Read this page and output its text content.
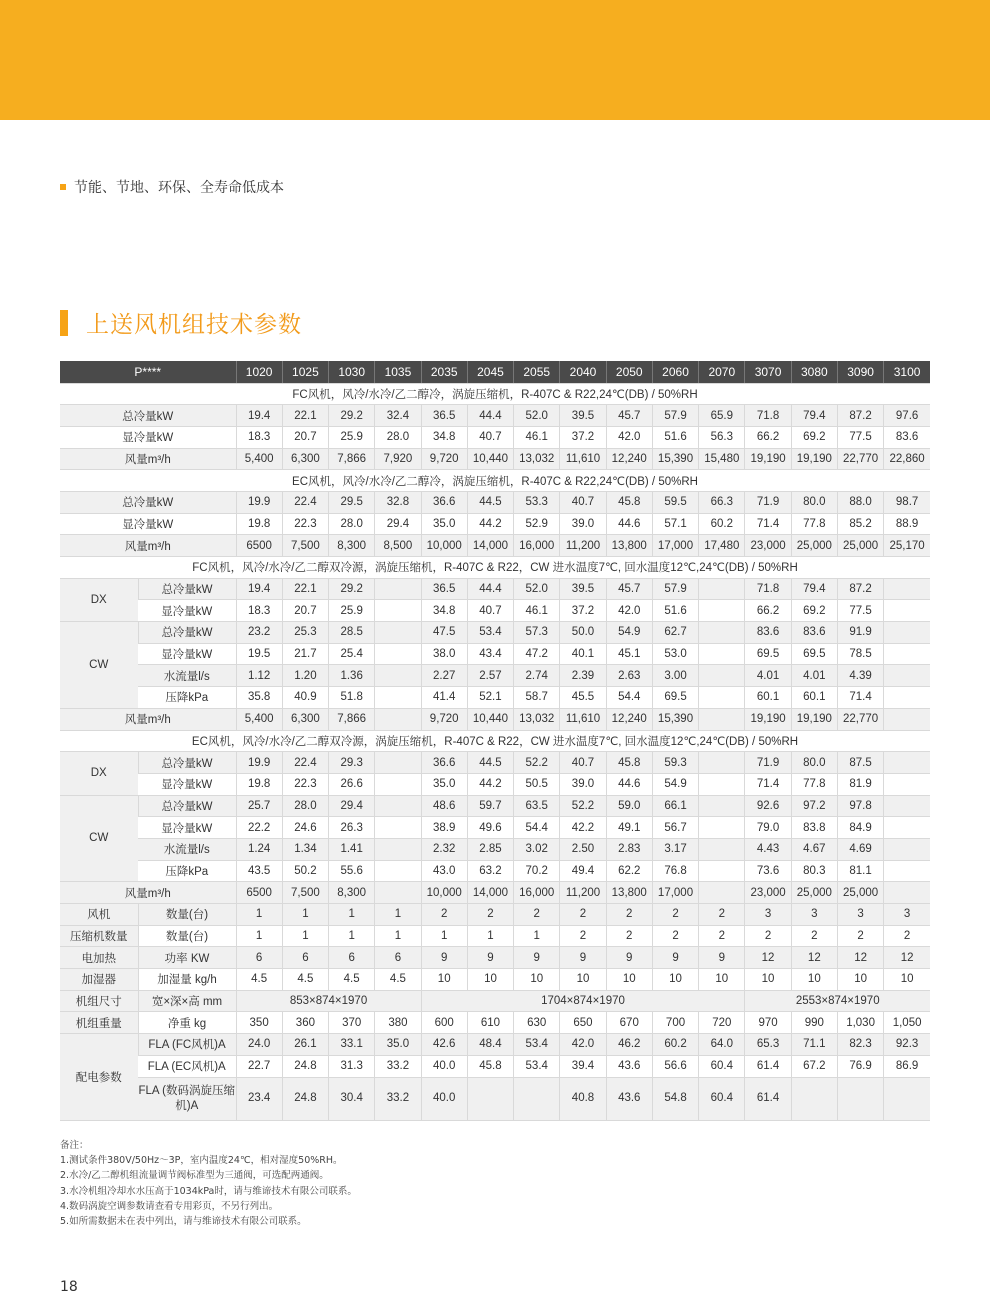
节能、节地、环保、全寿命低成本
上送风机组技术参数
P****		1020	1025	1030	1035	2035	2045	2055	2040	2050	2060	2070	3070	3080	3090	3100
FC风机，风冷/水冷/乙二醇冷，涡旋压缩机，R-407C & R22,24℃(DB) / 50%RH																
总冷量kW		19.4	22.1	29.2	32.4	36.5	44.4	52.0	39.5	45.7	57.9	65.9	71.8	79.4	87.2	97.6
显冷量kW		18.3	20.7	25.9	28.0	34.8	40.7	46.1	37.2	42.0	51.6	56.3	66.2	69.2	77.5	83.6
风量m³/h		5,400	6,300	7,866	7,920	9,720	10,440	13,032	11,610	12,240	15,390	15,480	19,190	19,190	22,770	22,860
EC风机，风冷/水冷/乙二醇冷，涡旋压缩机，R-407C & R22,24℃(DB) / 50%RH																
总冷量kW		19.9	22.4	29.5	32.8	36.6	44.5	53.3	40.7	45.8	59.5	66.3	71.9	80.0	88.0	98.7
显冷量kW		19.8	22.3	28.0	29.4	35.0	44.2	52.9	39.0	44.6	57.1	60.2	71.4	77.8	85.2	88.9
风量m³/h		6500	7,500	8,300	8,500	10,000	14,000	16,000	11,200	13,800	17,000	17,480	23,000	25,000	25,000	25,170
FC风机，风冷/水冷/乙二醇双冷源，涡旋压缩机，R-407C & R22，CW 进水温度7℃, 回水温度12℃,24℃(DB) / 50%RH																
DX	总冷量kW	19.4	22.1	29.2		36.5	44.4	52.0	39.5	45.7	57.9		71.8	79.4	87.2	
	显冷量kW	18.3	20.7	25.9		34.8	40.7	46.1	37.2	42.0	51.6		66.2	69.2	77.5	
CW	总冷量kW	23.2	25.3	28.5		47.5	53.4	57.3	50.0	54.9	62.7		83.6	83.6	91.9	
	显冷量kW	19.5	21.7	25.4		38.0	43.4	47.2	40.1	45.1	53.0		69.5	69.5	78.5	
	水流量l/s	1.12	1.20	1.36		2.27	2.57	2.74	2.39	2.63	3.00		4.01	4.01	4.39	
	压降kPa	35.8	40.9	51.8		41.4	52.1	58.7	45.5	54.4	69.5		60.1	60.1	71.4	
风量m³/h		5,400	6,300	7,866		9,720	10,440	13,032	11,610	12,240	15,390		19,190	19,190	22,770	
EC风机，风冷/水冷/乙二醇双冷源，涡旋压缩机，R-407C & R22，CW 进水温度7℃, 回水温度12℃,24℃(DB) / 50%RH																
DX	总冷量kW	19.9	22.4	29.3		36.6	44.5	52.2	40.7	45.8	59.3		71.9	80.0	87.5	
	显冷量kW	19.8	22.3	26.6		35.0	44.2	50.5	39.0	44.6	54.9		71.4	77.8	81.9	
CW	总冷量kW	25.7	28.0	29.4		48.6	59.7	63.5	52.2	59.0	66.1		92.6	97.2	97.8	
	显冷量kW	22.2	24.6	26.3		38.9	49.6	54.4	42.2	49.1	56.7		79.0	83.8	84.9	
	水流量l/s	1.24	1.34	1.41		2.32	2.85	3.02	2.50	2.83	3.17		4.43	4.67	4.69	
	压降kPa	43.5	50.2	55.6		43.0	63.2	70.2	49.4	62.2	76.8		73.6	80.3	81.1	
风量m³/h		6500	7,500	8,300		10,000	14,000	16,000	11,200	13,800	17,000		23,000	25,000	25,000	
风机	数量(台)	1	1	1	1	2	2	2	2	2	2	2	3	3	3	3
压缩机数量	数量(台)	1	1	1	1	1	1	1	2	2	2	2	2	2	2	2
电加热	功率 KW	6	6	6	6	9	9	9	9	9	9	9	12	12	12	12
加湿器	加湿量 kg/h	4.5	4.5	4.5	4.5	10	10	10	10	10	10	10	10	10	10	10
机组尺寸	宽×深×高 mm	853×874×1970				1704×874×1970							2553×874×1970			
机组重量	净重 kg	350	360	370	380	600	610	630	650	670	700	720	970	990	1,030	1,050
配电参数	FLA (FC风机)A	24.0	26.1	33.1	35.0	42.6	48.4	53.4	42.0	46.2	60.2	64.0	65.3	71.1	82.3	92.3
	FLA (EC风机)A	22.7	24.8	31.3	33.2	40.0	45.8	53.4	39.4	43.6	56.6	60.4	61.4	67.2	76.9	86.9
	FLA (数码涡旋压缩机)A	23.4	24.8	30.4	33.2	40.0			40.8	43.6	54.8	60.4	61.4			
备注：
1.测试条件380V/50Hz～3P，室内温度24℃，相对湿度50%RH。
2.水冷/乙二醇机组流量调节阀标准型为三通阀，可选配两通阀。
3.水冷机组冷却水水压高于1034kPa时，请与维谛技术有限公司联系。
4.数码涡旋空调参数请查看专用彩页，不另行列出。
5.如所需数据未在表中列出，请与维谛技术有限公司联系。
18
